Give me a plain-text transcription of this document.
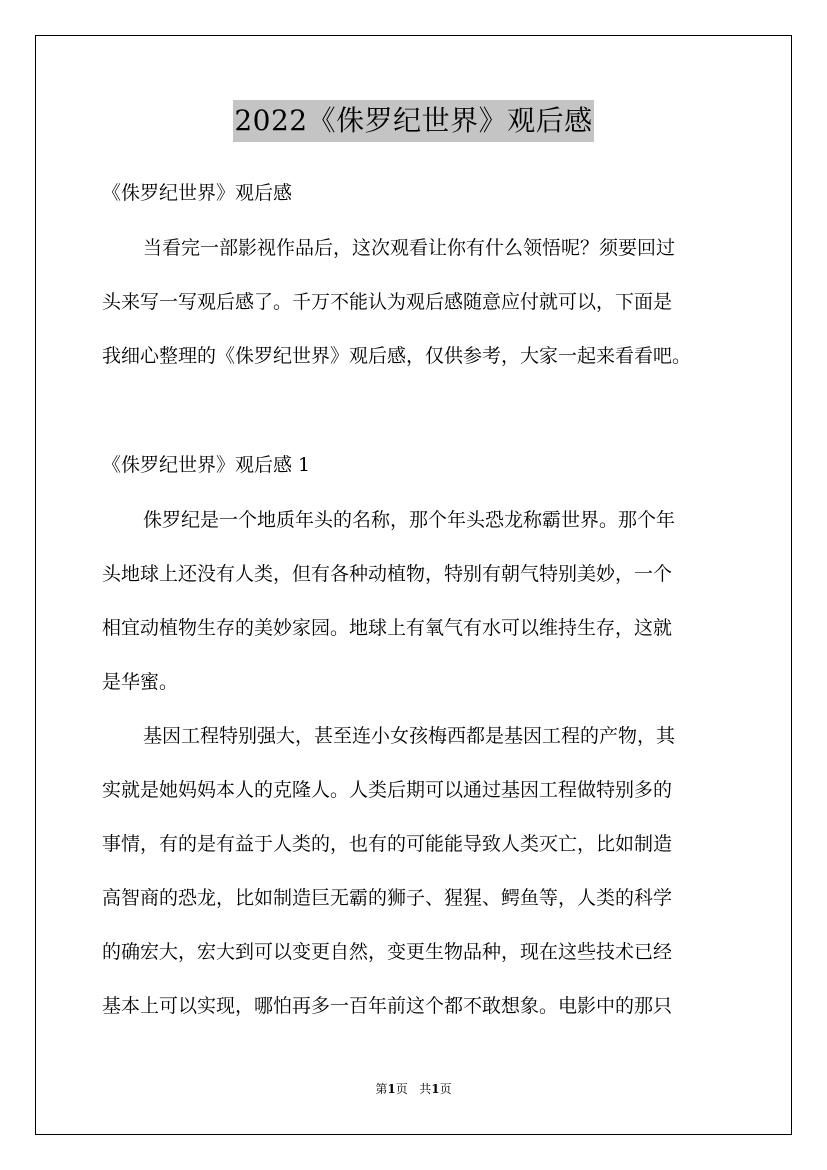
2022《侏罗纪世界》观后感
《侏罗纪世界》观后感
当看完一部影视作品后，这次观看让你有什么领悟呢？须要回过
头来写一写观后感了。千万不能认为观后感随意应付就可以，下面是
我细心整理的《侏罗纪世界》观后感，仅供参考，大家一起来看看吧。
《侏罗纪世界》观后感 1
侏罗纪是一个地质年头的名称，那个年头恐龙称霸世界。那个年
头地球上还没有人类，但有各种动植物，特别有朝气特别美妙，一个
相宜动植物生存的美妙家园。地球上有氧气有水可以维持生存，这就
是华蜜。
基因工程特别强大，甚至连小女孩梅西都是基因工程的产物，其
实就是她妈妈本人的克隆人。人类后期可以通过基因工程做特别多的
事情，有的是有益于人类的，也有的可能能导致人类灭亡，比如制造
高智商的恐龙，比如制造巨无霸的狮子、猩猩、鳄鱼等，人类的科学
的确宏大，宏大到可以变更自然，变更生物品种，现在这些技术已经
基本上可以实现，哪怕再多一百年前这个都不敢想象。电影中的那只
第1页 共1页
